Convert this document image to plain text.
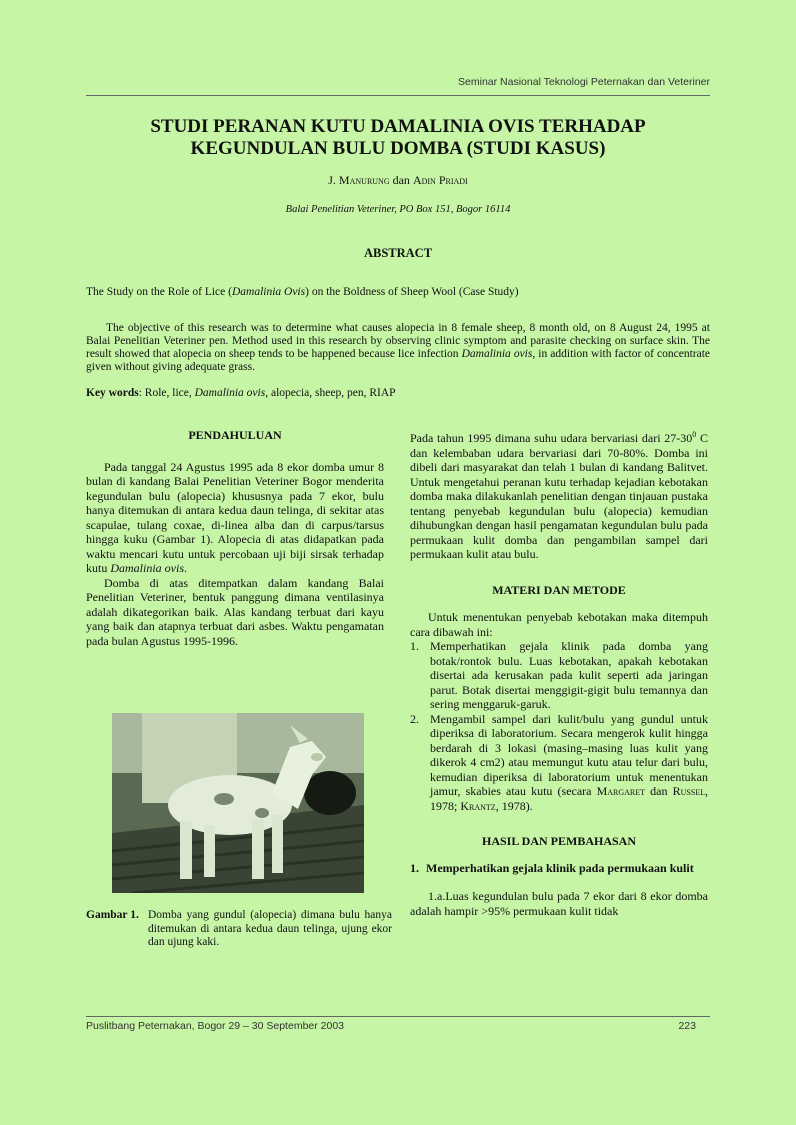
Seminar Nasional Teknologi Peternakan dan Veteriner
STUDI PERANAN KUTU DAMALINIA OVIS TERHADAP
KEGUNDULAN BULU DOMBA (STUDI KASUS)
J. Manurung dan Adin Priadi
Balai Penelitian Veteriner, PO Box 151, Bogor 16114
ABSTRACT
The Study on the Role of Lice (Damalinia Ovis) on the Boldness of Sheep Wool (Case Study)

The objective of this research was to determine what causes alopecia in 8 female sheep, 8 month old, on 8 August 24, 1995 at Balai Penelitian Veteriner pen. Method used in this research by observing clinic symptom and parasite checking on surface skin. The result showed that alopecia on sheep tends to be happened because lice infection Damalinia ovis, in addition with factor of concentrate given without giving adequate grass.

Key words: Role, lice, Damalinia ovis, alopecia, sheep, pen, RIAP
PENDAHULUAN

Pada tanggal 24 Agustus 1995 ada 8 ekor domba umur 8 bulan di kandang Balai Penelitian Veteriner Bogor menderita kegundulan bulu (alopecia) khususnya pada 7 ekor, bulu hanya ditemukan di antara kedua daun telinga, di sekitar atas scapulae, tulang coxae, di-linea alba dan di carpus/tarsus hingga kuku (Gambar 1). Alopecia di atas didapatkan pada waktu mencari kutu untuk percobaan uji biji sirsak terhadap kutu Damalinia ovis.

Domba di atas ditempatkan dalam kandang Balai Penelitian Veteriner, bentuk panggung dimana ventilasinya adalah dikategorikan baik. Alas kandang terbuat dari kayu yang baik dan atapnya terbuat dari asbes. Waktu pengamatan pada bulan Agustus 1995-1996.

Gambar 1. Domba yang gundul (alopecia) dimana bulu hanya ditemukan di antara kedua daun telinga, ujung ekor dan ujung kaki.

Pada tahun 1995 dimana suhu udara bervariasi dari $27-30^0$ C dan kelembaban udara bervariasi dari 70-80%. Domba ini dibeli dari masyarakat dan telah 1 bulan di kandang Balitvet. Untuk mengetahui peranan kutu terhadap kejadian kebotakan domba maka dilakukanlah penelitian dengan tinjauan pustaka tentang penyebab kegundulan bulu (alopecia) kemudian dihubungkan dengan hasil pengamatan kegundulan bulu pada permukaan kulit domba dan pengambilan sampel dari permukaan kulit atau bulu.

MATERI DAN METODE

Untuk menentukan penyebab kebotakan maka ditempuh cara dibawah ini:

1. Memperhatikan gejala klinik pada domba yang botak/rontok bulu. Luas kebotakan, apakah kebotakan disertai ada kerusakan pada kulit seperti ada jaringan parut. Botak disertai menggigit-gigit bulu temannya dan sering menggaruk-garuk.
2. Mengambil sampel dari kulit/bulu yang gundul untuk diperiksa di laboratorium. Secara mengerok kulit hingga berdarah di 3 lokasi (masing–masing luas kulit yang dikerok 4 cm2) atau memungut kutu atau telur dari bulu, kemudian diperiksa di laboratorium untuk menentukan jamur, skabies atau kutu (secara Margaret dan Russel, 1978; Krantz, 1978).
HASIL DAN PEMBAHASAN
1. Memperhatikan gejala klinik pada permukaan kulit

1.a.Luas kegundulan bulu pada 7 ekor dari 8 ekor domba adalah hampir >95% permukaan kulit tidak

Puslitbang Peternakan, Bogor 29 – 30 September 2003	223
